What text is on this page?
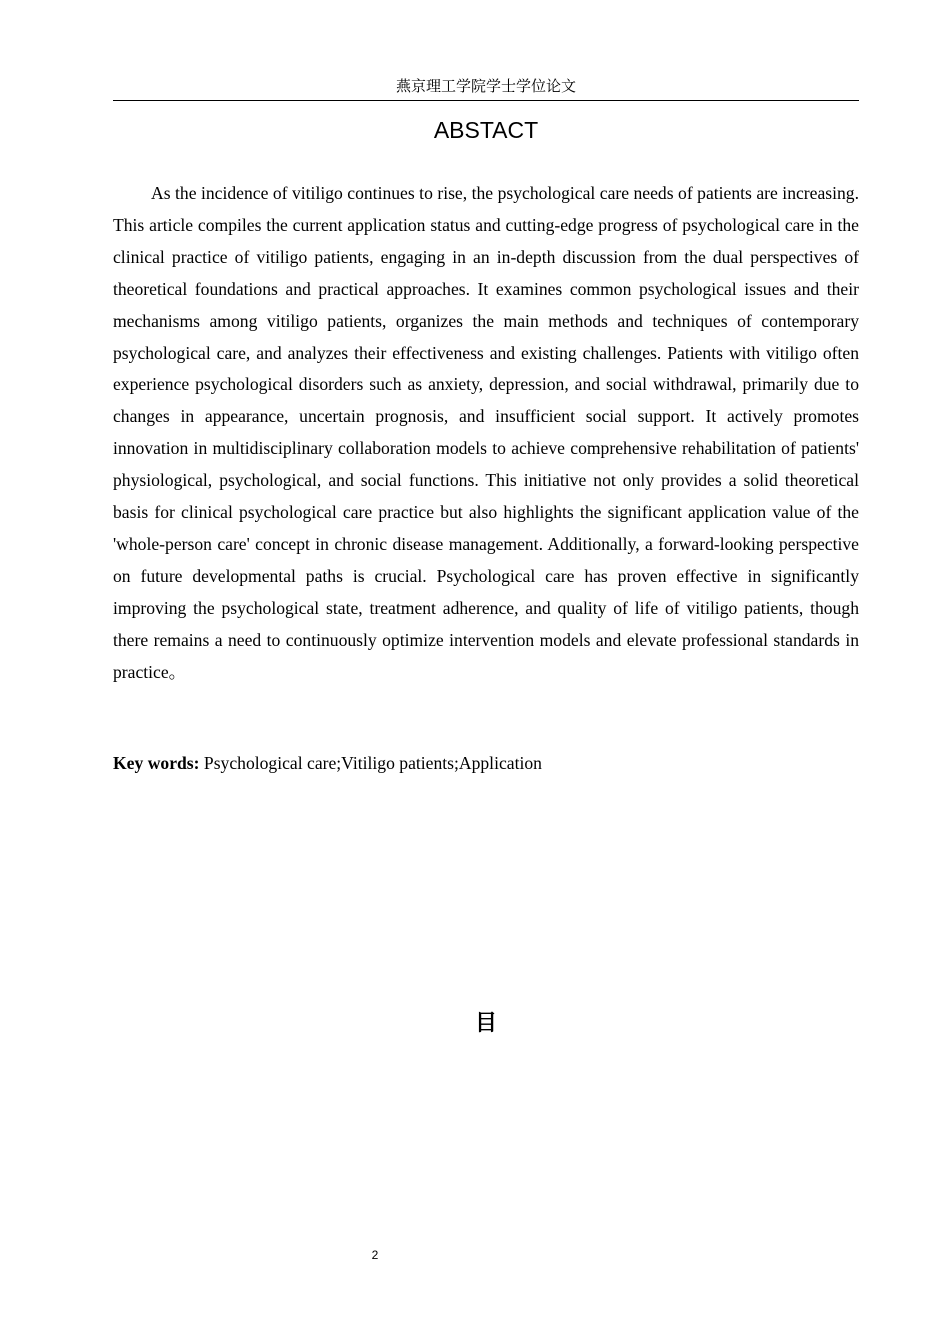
燕京理工学院学士学位论文
ABSTACT

As the incidence of vitiligo continues to rise, the psychological care needs of patients are increasing. This article compiles the current application status and cutting-edge progress of psychological care in the clinical practice of vitiligo patients, engaging in an in-depth discussion from the dual perspectives of theoretical foundations and practical approaches. It examines common psychological issues and their mechanisms among vitiligo patients, organizes the main methods and techniques of contemporary psychological care, and analyzes their effectiveness and existing challenges. Patients with vitiligo often experience psychological disorders such as anxiety, depression, and social withdrawal, primarily due to changes in appearance, uncertain prognosis, and insufficient social support. It actively promotes innovation in multidisciplinary collaboration models to achieve comprehensive rehabilitation of patients' physiological, psychological, and social functions. This initiative not only provides a solid theoretical basis for clinical psychological care practice but also highlights the significant application value of the 'whole-person care' concept in chronic disease management. Additionally, a forward-looking perspective on future developmental paths is crucial. Psychological care has proven effective in significantly improving the psychological state, treatment adherence, and quality of life of vitiligo patients, though there remains a need to continuously optimize intervention models and elevate professional standards in practice。

Key words: Psychological care;Vitiligo patients;Application

目
2
